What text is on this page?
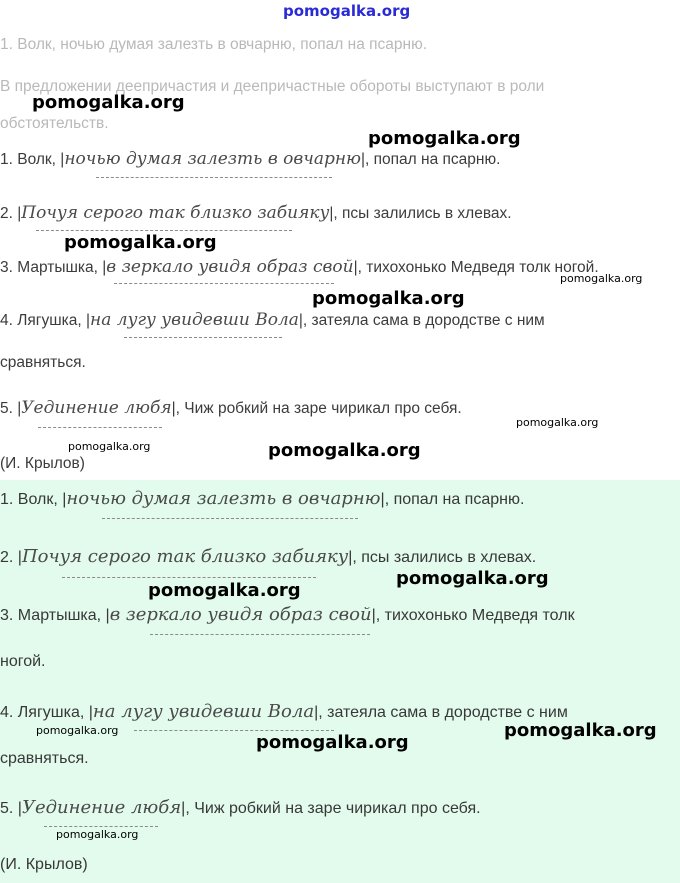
pomogalka.org
1. Волк, ночью думая залезть в овчарню, попал на псарню.
В предложении деепричастия и деепричастные обороты выступают в роли
обстоятельств.
1. Волк, |ночью думая залезть в овчарню|, попал на псарню.
2. |Почуя серого так близко забияку|, псы залились в хлевах.
3. Мартышка, |в зеркало увидя образ свой|, тихохонько Медведя толк ногой.
4. Лягушка, |на лугу увидевши Вола|, затеяла сама в дородстве с ним
сравняться.
5. |Уединение любя|, Чиж робкий на заре чирикал про себя.
(И. Крылов)
1. Волк, |ночью думая залезть в овчарню|, попал на псарню.
2. |Почуя серого так близко забияку|, псы залились в хлевах.
3. Мартышка, |в зеркало увидя образ свой|, тихохонько Медведя толк
ногой.
4. Лягушка, |на лугу увидевши Вола|, затеяла сама в дородстве с ним
сравняться.
5. |Уединение любя|, Чиж робкий на заре чирикал про себя.
(И. Крылов)
pomogalka.org
pomogalka.org
pomogalka.org
pomogalka.org
pomogalka.org
pomogalka.org
pomogalka.org	pomogalka.org
pomogalka.org
pomogalka.org
pomogalka.org
pomogalka.org
pomogalka.org
pomogalka.org
